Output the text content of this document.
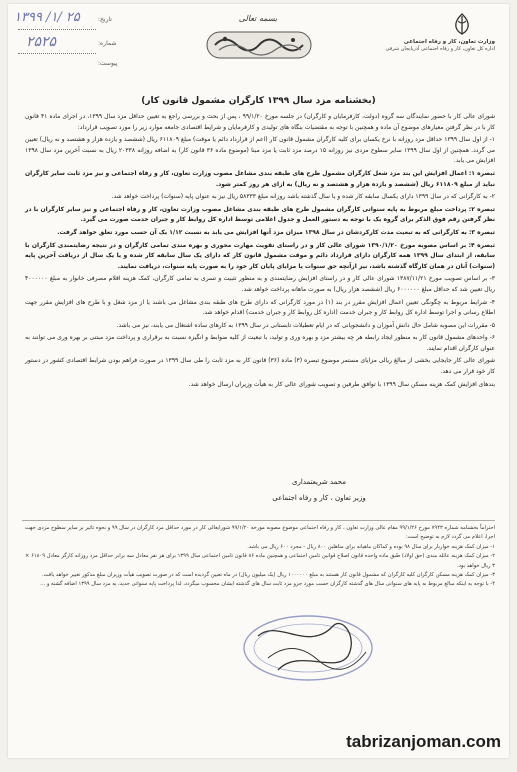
۱۳۹۹ /۱/ ۲۵	تاریخ:
۲۵۲۵	شماره:
پیوست:
بسمه تعالی
وزارت تعاون، کار و رفاه اجتماعی
اداره کل تعاون، کار و رفاه اجتماعی آذربایجان شرقی
(بخشنامه مزد سال ۱۳۹۹ کارگران مشمول قانون کار)

شورای عالی کار با حضور نمایندگان سه گروه (دولت، کارفرمایان و کارگران) در جلسه مورخ ۹۹/۱/۲۰ ، پس از بحث و بررسی راجع به تعیین حداقل مزد سال ۱۳۹۹، در اجرای ماده ۴۱ قانون کار با در نظر گرفتن معیارهای موضوع آن ماده و همچنین با توجه به مقتضیات بنگاه های تولیدی و کارفرمایان و شرایط اقتصادی جامعه موارد زیر را مورد تصویب قرارداد:

۱- از اول سال ۱۳۹۹ حداقل مزد روزانه با نرخ یکسان برای کلیه کارگران مشمول قانون کار (اعم از قرارداد دائم یا موقت) مبلغ ۶۱۱۸۰۹ ریال (ششصد و یازده هزار و هشتصد و نه ریال) تعیین می گردد. همچنین از اول سال ۱۳۹۹ سایر سطوح مزدی نیز روزانه ۱۵ درصد مزد ثابت یا مزد مبنا (موضوع ماده ۳۶ قانون کار) به اضافه روزانه ۲۰۳۳۸ ریال به نسبت آخرین مزد سال ۱۳۹۸ افزایش می یابد.

تبصره ۱: اعمال افزایش این بند مزد شغل کارگران مشمول طرح های طبقه بندی مشاغل مصوب وزارت تعاون، کار و رفاه اجتماعی و نیز مزد ثابت سایر کارگران نباید از مبلغ ۶۱۱۸۰۹ ریال (ششصد و یازده هزار و هشتصد و نه ریال) به ازای هر روز کمتر شود.

۲- به کارگرانی که در سال ۱۳۹۹ دارای یکسال سابقه کار شده و یا سال گذشته باشد روزانه مبلغ ۵۸۳۳۳ ریال نیز به عنوان پایه (سنوات) پرداخت خواهد شد.

تبصره ۲: پرداخت مبلغ مربوط به پایه سنواتی کارگران مشمول طرح های طبقه بندی مشاغل مصوب وزارت تعاون، کار و رفاه اجتماعی و نیز سایر کارگران با در نظر گرفتن رقم فوق الذکر برای گروه یک با توجه به دستور العمل و جدول اعلامی توسط اداره کل روابط کار و جبران خدمت صورت می گیرد.

تبصره ۳: به کارگرانی که به تبعیت مدت کارکردشان در سال ۱۳۹۸ میزان مزد آنها افزایش می یابد به نسبت ۱/۱۲ یک آن حسب مورد تعلق خواهد گرفت.

تبصره ۴: بر اساس مصوبه مورخ ۱۳۹۰/۱/۲۰ شورای عالی کار و در راستای تقویت مهارت محوری و بهره مندی تمامی کارگران و در نتیجه رضایتمندی کارگران با سابقه، از ابتدای سال ۱۳۹۹ همه کارگران دارای قرارداد دائم و موقت مشمول قانون کار که دارای یک سال سابقه کار شده و یا یک سال از دریافت آخرین پایه (سنوات) آنان در همان کارگاه گذشته باشد، نیز ازآنچه حق سنوات یا مزایای پایان کار خود را به صورت پایه سنوات، دریافت نمایند.

۳- بر اساس تصویب مورخ ۱۳۸۷/۱۱/۲۱ شورای عالی کار و در راستای افزایش رضایتمندی و به منظور تثبیت و تسری به تمامی کارگران، کمک هزینه اقلام مصرفی خانوار به مبلغ ۴۰۰۰۰۰۰ ریال تعیین شد که حداقل مبلغ ۶۰۰۰۰۰۰ ریال (ششصد هزار ریال) به صورت ماهانه پرداخت خواهد شد.

۴- شرایط مربوط به چگونگی تعیین اعمال افزایش مقرر در بند (۱) در مورد کارگرانی که دارای طرح های طبقه بندی مشاغل می باشند یا از مزد شغل و با طرح های افزایش مقرر جهت اطلاع رسانی و اجرا توسط اداره کل روابط کار و جبران خدمت (اداره کل روابط کار و جبران خدمت) اقدام خواهد شد.

۵- مقررات این مصوبه شامل حال دانش آموزان و دانشجویانی که در ایام تعطیلات تابستانی در سال ۱۳۹۹ به کارهای ساده اشتغال می یابند، نیز می باشد.

۶- واحدهای مشمول قانون کار به منظور ایجاد رابطه هر چه بیشتر مزد و بهره وری و تولید، با تبعیت از کلیه ضوابط و انگیزه نسبت به برقراری و پرداخت مزد مبتنی بر بهره وری می توانند به عنوان کارگران اقدام نمایند.

شورای عالی کار جایجایی بخشی از مبالغ ریالی مزایای مستمر موضوع تبصره (۳) ماده (۳۶) قانون کار به مزد ثابت را طی سال ۱۳۹۹ در صورت فراهم بودن شرایط اقتصادی کشور در دستور کار خود قرار می دهد.

بندهای افزایش کمک هزینه مسکن سال ۱۳۹۹ با توافق طرفین و تصویب شورای عالی کار به هیأت وزیران ارسال خواهد شد.

محمد شریعتمداری
وزیر تعاون ، کار و رفاه اجتماعی

احتراماً بخشنامه شماره ۷۹۴۳ مورخ ۹۹/۱/۲۶ مقام عالی وزارت تعاون ، کار و رفاه اجتماعی موضوع مصوبه مورخه ۹۹/۱/۲۰ شورایعالی کار در مورد حداقل مزد کارگران در سال ۹۹ و نحوه تاثیر بر سایر سطوح مزدی جهت اجرا، اعلام می گردد لازم به توضیح است:

۱- میزان کمک هزینه خواربار برای سال ۹۸ بوده و کماکان ماهیانه برای متاهلین ۸۰۰ ریال - مجرد ۶۰۰ ریال می باشد.

۲- میزان کمک هزینه عائله مندی (حق اولاد) طبق ماده واحده قانون اصلاح قوانین تامین اجتماعی و همچنین ماده ۸۶ قانون تامین اجتماعی سال ۱۳۹۹ برای هر نفر معادل سه برابر حداقل مزد روزانه کارگر معادل ۶۱۸۰۹ × ۳ ریال خواهد بود.

۳- میزان کمک هزینه مسکن کارگران کلیه کارگران که مشمول قانون کار هستند به مبلغ ۱۰۰۰۰۰۰ ریال (یک میلیون ریال) در ماه تعیین گردیده است که در صورت تصویب هیأت وزیران مبلغ مذکور تغییر خواهد یافت.

۴- با توجه به اینکه مبالغ مربوط به پایه های سنواتی سال های گذشته کارگران حسب مورد جزو مزد ثابت سال های گذشته ایشان محسوب میگردد، لذا پرداخت پایه سنواتی جدید، به مزد سال ۱۳۹۹ اضافه گشته و ...

tabrizanjoman.com
